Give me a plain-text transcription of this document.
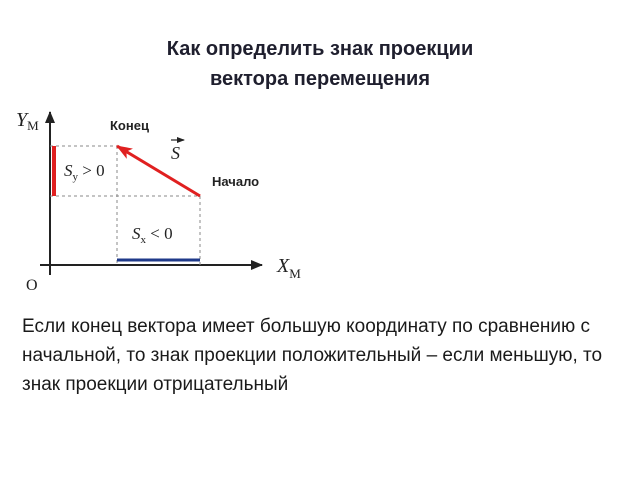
Как определить знак проекции
вектора перемещения
$Y_М$
$X_М$
О
Конец
Начало
S
$S_y > 0$
$S_x < 0$
Если конец вектора имеет большую координату по сравнению с начальной, то знак проекции положительный – если меньшую, то знак проекции отрицательный
